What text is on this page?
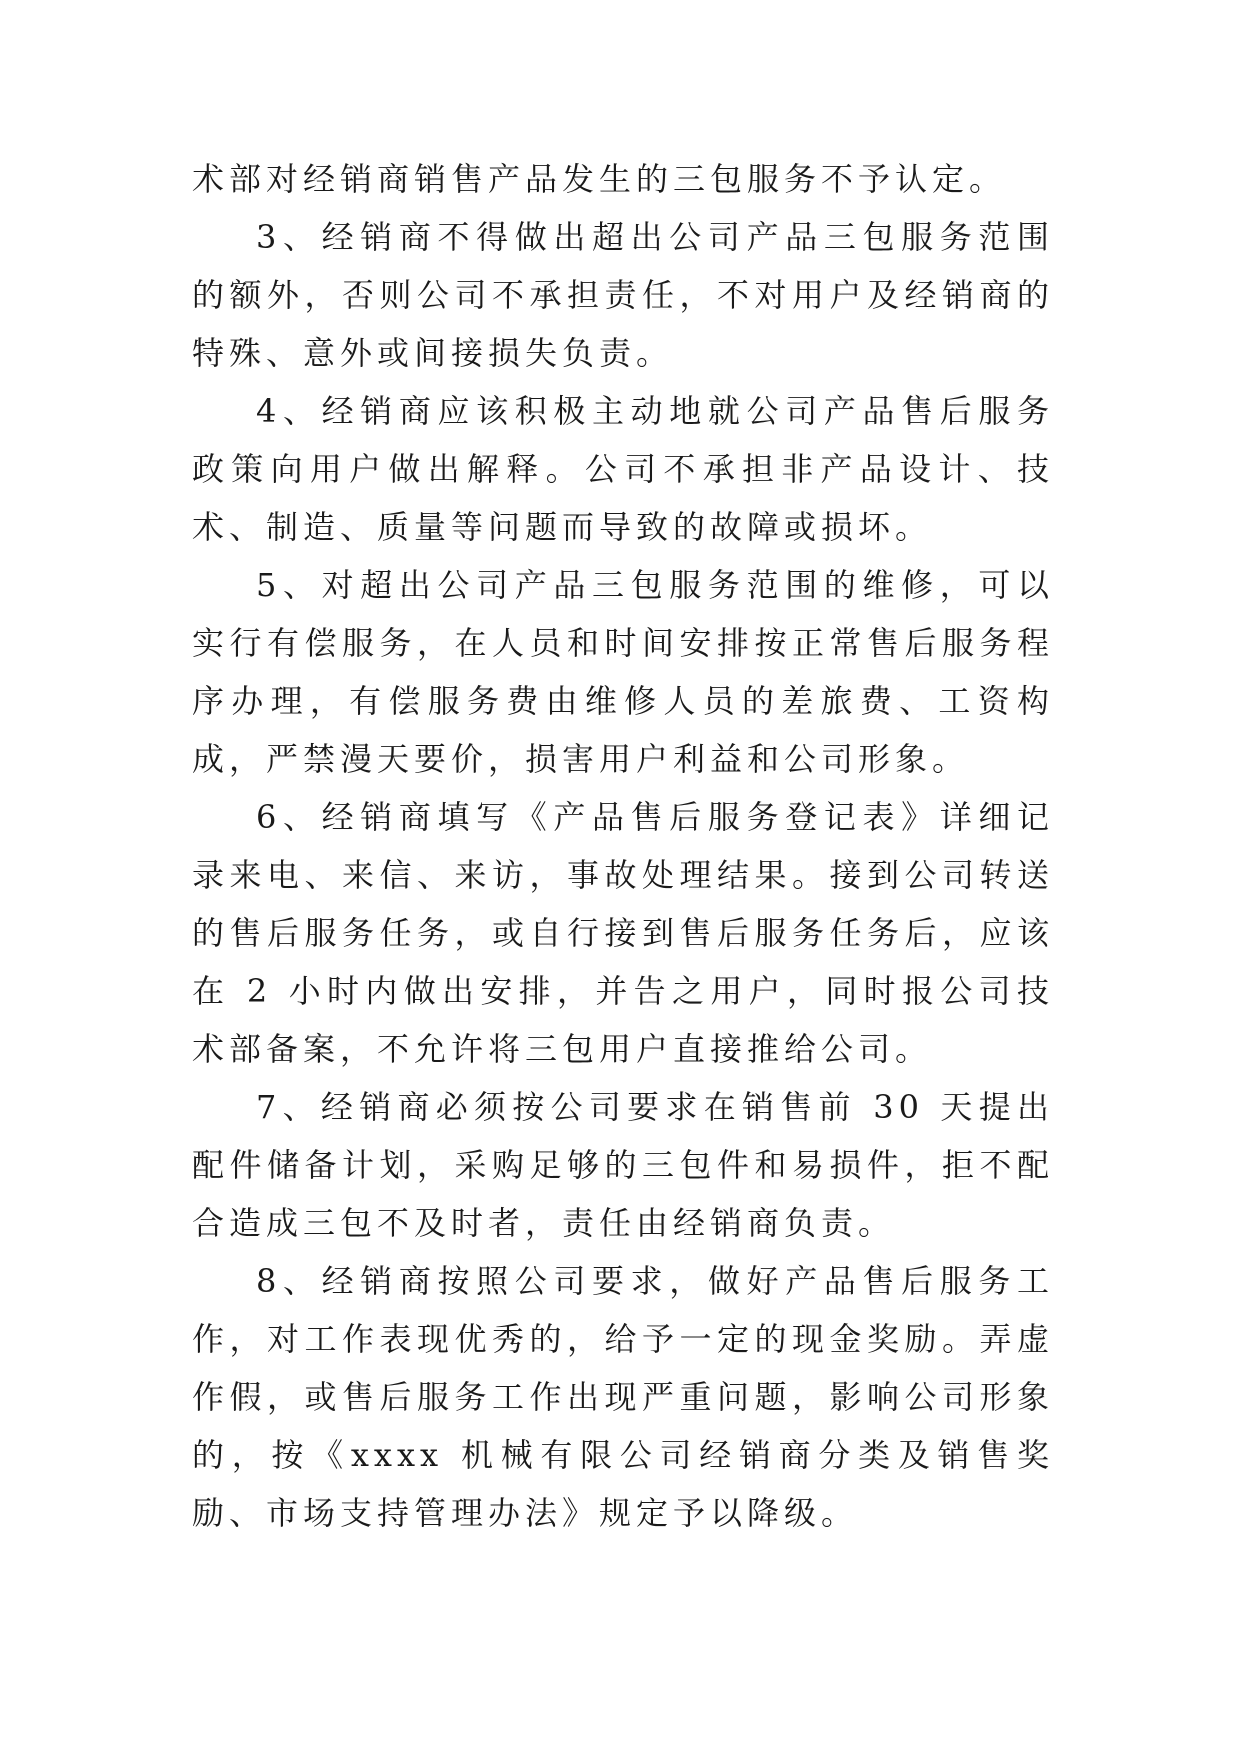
术部对经销商销售产品发生的三包服务不予认定。

3、经销商不得做出超出公司产品三包服务范围的额外，否则公司不承担责任，不对用户及经销商的特殊、意外或间接损失负责。

4、经销商应该积极主动地就公司产品售后服务政策向用户做出解释。公司不承担非产品设计、技术、制造、质量等问题而导致的故障或损坏。

5、对超出公司产品三包服务范围的维修，可以实行有偿服务，在人员和时间安排按正常售后服务程序办理，有偿服务费由维修人员的差旅费、工资构成，严禁漫天要价，损害用户利益和公司形象。

6、经销商填写《产品售后服务登记表》详细记录来电、来信、来访，事故处理结果。接到公司转送的售后服务任务，或自行接到售后服务任务后，应该在 2 小时内做出安排，并告之用户，同时报公司技术部备案，不允许将三包用户直接推给公司。

7、经销商必须按公司要求在销售前 30 天提出配件储备计划，采购足够的三包件和易损件，拒不配合造成三包不及时者，责任由经销商负责。

8、经销商按照公司要求，做好产品售后服务工作，对工作表现优秀的，给予一定的现金奖励。弄虚作假，或售后服务工作出现严重问题，影响公司形象的，按《xxxx 机械有限公司经销商分类及销售奖励、市场支持管理办法》规定予以降级。
